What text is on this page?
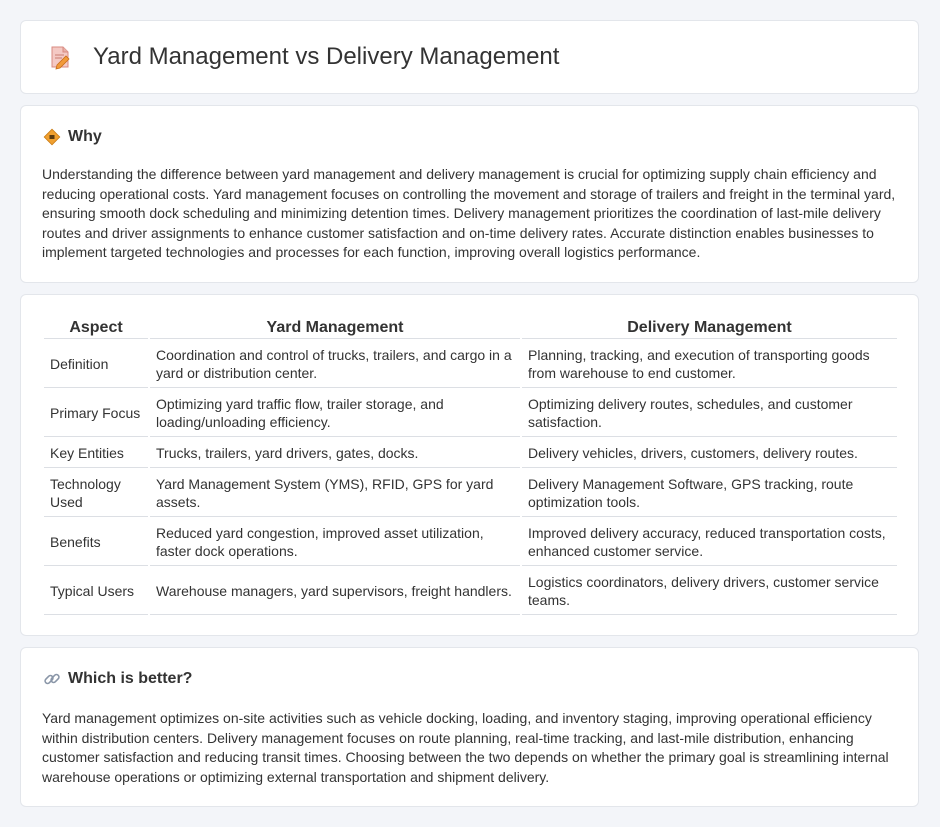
Yard Management vs Delivery Management
Why

Understanding the difference between yard management and delivery management is crucial for optimizing supply chain efficiency and reducing operational costs. Yard management focuses on controlling the movement and storage of trailers and freight in the terminal yard, ensuring smooth dock scheduling and minimizing detention times. Delivery management prioritizes the coordination of last-mile delivery routes and driver assignments to enhance customer satisfaction and on-time delivery rates. Accurate distinction enables businesses to implement targeted technologies and processes for each function, improving overall logistics performance.

Aspect	Yard Management	Delivery Management
Definition	Coordination and control of trucks, trailers, and cargo in a yard or distribution center.	Planning, tracking, and execution of transporting goods from warehouse to end customer.
Primary Focus	Optimizing yard traffic flow, trailer storage, and loading/unloading efficiency.	Optimizing delivery routes, schedules, and customer satisfaction.
Key Entities	Trucks, trailers, yard drivers, gates, docks.	Delivery vehicles, drivers, customers, delivery routes.
Technology Used	Yard Management System (YMS), RFID, GPS for yard assets.	Delivery Management Software, GPS tracking, route optimization tools.
Benefits	Reduced yard congestion, improved asset utilization, faster dock operations.	Improved delivery accuracy, reduced transportation costs, enhanced customer service.
Typical Users	Warehouse managers, yard supervisors, freight handlers.	Logistics coordinators, delivery drivers, customer service teams.
Which is better?

Yard management optimizes on-site activities such as vehicle docking, loading, and inventory staging, improving operational efficiency within distribution centers. Delivery management focuses on route planning, real-time tracking, and last-mile distribution, enhancing customer satisfaction and reducing transit times. Choosing between the two depends on whether the primary goal is streamlining internal warehouse operations or optimizing external transportation and shipment delivery.
